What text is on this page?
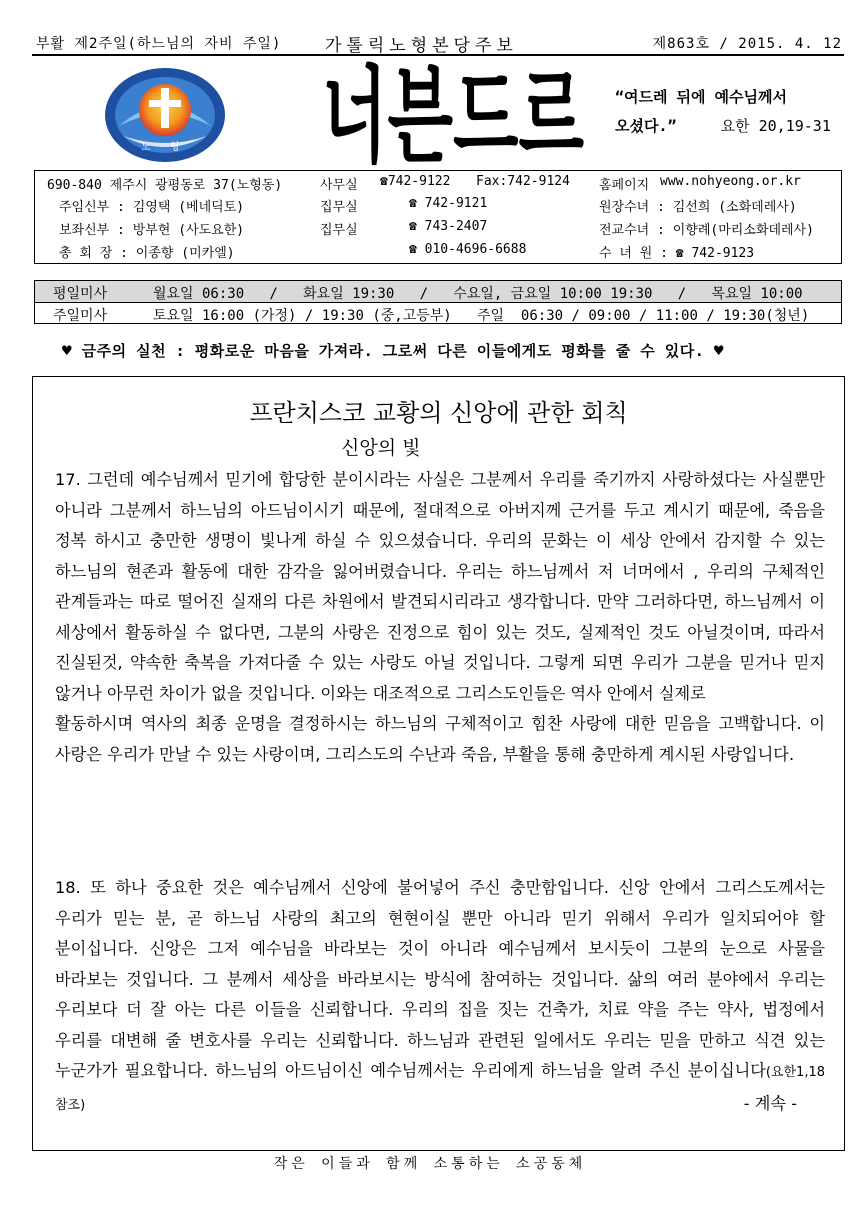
부활 제2주일(하느님의 자비 주일)	가톨릭노형본당주보	제863호 / 2015. 4. 12
노 형 너븐드르 “여드레 뒤에 예수님께서
오셨다.”	요한 20,19-31
690-840 제주시 광평동로 37(노형동)	사무실 ☎742-9122 Fax:742-9124 홈페이지 www.nohyeong.or.kr
주임신부 : 김영택 (베네딕토)	집무실	☎ 742-9121	원장수녀 : 김선희 (소화데레사)
보좌신부 : 방부현 (사도요한)	집무실	☎ 743-2407	전교수녀 : 이향례(마리소화데레사)
총 회 장 : 이종향 (미카엘)	☎ 010-4696-6688	수 녀 원 : ☎ 742-9123
평일미사	월요일 06:30   /   화요일 19:30   /   수요일, 금요일 10:00 19:30   /   목요일 10:00
주일미사	토요일 16:00 (가정) / 19:30 (중,고등부)   주일  06:30 / 09:00 / 11:00 / 19:30(청년)
♥ 금주의 실천 : 평화로운 마음을 가져라. 그로써 다른 이들에게도 평화를 줄 수 있다. ♥
프란치스코 교황의 신앙에 관한 회칙
신앙의 빛
17. 그런데 예수님께서 믿기에 합당한 분이시라는 사실은 그분께서 우리를 죽기까지 사랑하셨다는 사실뿐만 아니라 그분께서 하느님의 아드님이시기 때문에, 절대적으로 아버지께 근거를 두고 계시기 때문에, 죽음을 정복 하시고 충만한 생명이 빛나게 하실 수 있으셨습니다. 우리의 문화는 이 세상 안에서 감지할 수 있는 하느님의 현존과 활동에 대한 감각을 잃어버렸습니다. 우리는 하느님께서 저 너머에서 , 우리의 구체적인 관계들과는 따로 떨어진 실재의 다른 차원에서 발견되시리라고 생각합니다. 만약 그러하다면, 하느님께서 이 세상에서 활동하실 수 없다면, 그분의 사랑은 진정으로 힘이 있는 것도, 실제적인 것도 아닐것이며, 따라서 진실된것, 약속한 축복을 가져다줄 수 있는 사랑도 아닐 것입니다. 그렇게 되면 우리가 그분을 믿거나 믿지 않거나 아무런 차이가 없을 것입니다. 이와는 대조적으로 그리스도인들은 역사 안에서 실제로
활동하시며 역사의 최종 운명을 결정하시는 하느님의 구체적이고 힘찬 사랑에 대한 믿음을 고백합니다. 이 사랑은 우리가 만날 수 있는 사랑이며, 그리스도의 수난과 죽음, 부활을 통해 충만하게 계시된 사랑입니다.
18. 또 하나 중요한 것은 예수님께서 신앙에 불어넣어 주신 충만함입니다. 신앙 안에서 그리스도께서는 우리가 믿는 분, 곧 하느님 사랑의 최고의 현현이실 뿐만 아니라 믿기 위해서 우리가 일치되어야 할 분이십니다. 신앙은 그저 예수님을 바라보는 것이 아니라 예수님께서 보시듯이 그분의 눈으로 사물을 바라보는 것입니다. 그 분께서 세상을 바라보시는 방식에 참여하는 것입니다. 삶의 여러 분야에서 우리는 우리보다 더 잘 아는 다른 이들을 신뢰합니다. 우리의 집을 짓는 건축가, 치료 약을 주는 약사, 법정에서 우리를 대변해 줄 변호사를 우리는 신뢰합니다. 하느님과 관련된 일에서도 우리는 믿을 만하고 식견 있는 누군가가 필요합니다. 하느님의 아드님이신 예수님께서는 우리에게 하느님을 알려 주신 분이십니다(요한1,18 참조)	- 계속 -
작은 이들과 함께 소통하는 소공동체
